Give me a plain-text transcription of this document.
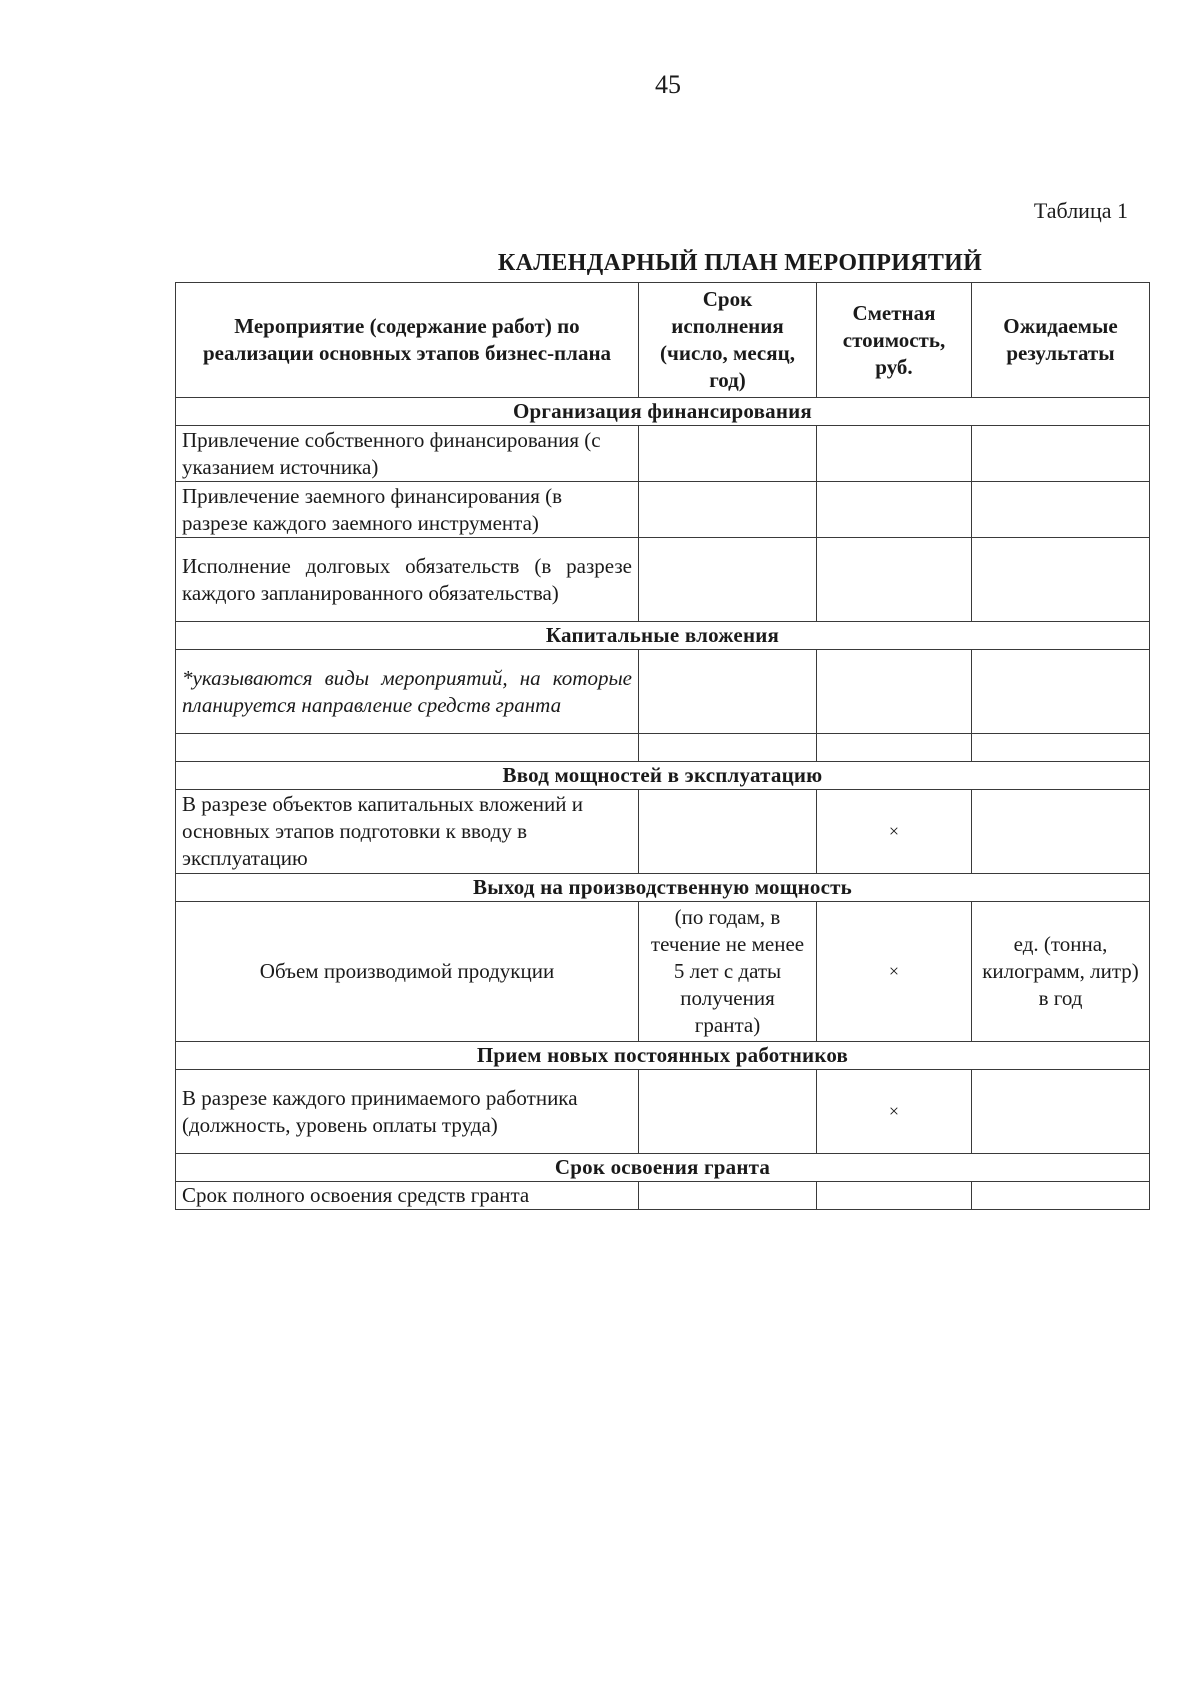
45
Таблица 1
КАЛЕНДАРНЫЙ ПЛАН МЕРОПРИЯТИЙ
Мероприятие (содержание работ) по реализации основных этапов бизнес-плана	Срок исполнения (число, месяц, год)	Сметная стоимость, руб.	Ожидаемые результаты
Организация финансирования			
Привлечение собственного финансирования (с указанием источника)			
Привлечение заемного финансирования (в разрезе каждого заемного инструмента)			
Исполнение долговых обязательств (в разрезе каждого запланированного обязательства)			
Капитальные вложения			
*указываются виды мероприятий, на которые планируется направление средств гранта			

Ввод мощностей в эксплуатацию			
В разрезе объектов капитальных вложений и основных этапов подготовки к вводу в эксплуатацию		×	
Выход на производственную мощность			
Объем производимой продукции	(по годам, в течение не менее 5 лет с даты получения гранта)	×	ед. (тонна, килограмм, литр) в год
Прием новых постоянных работников			
В разрезе каждого принимаемого работника (должность, уровень оплаты труда)		×	
Срок освоения гранта			
Срок полного освоения средств гранта			
